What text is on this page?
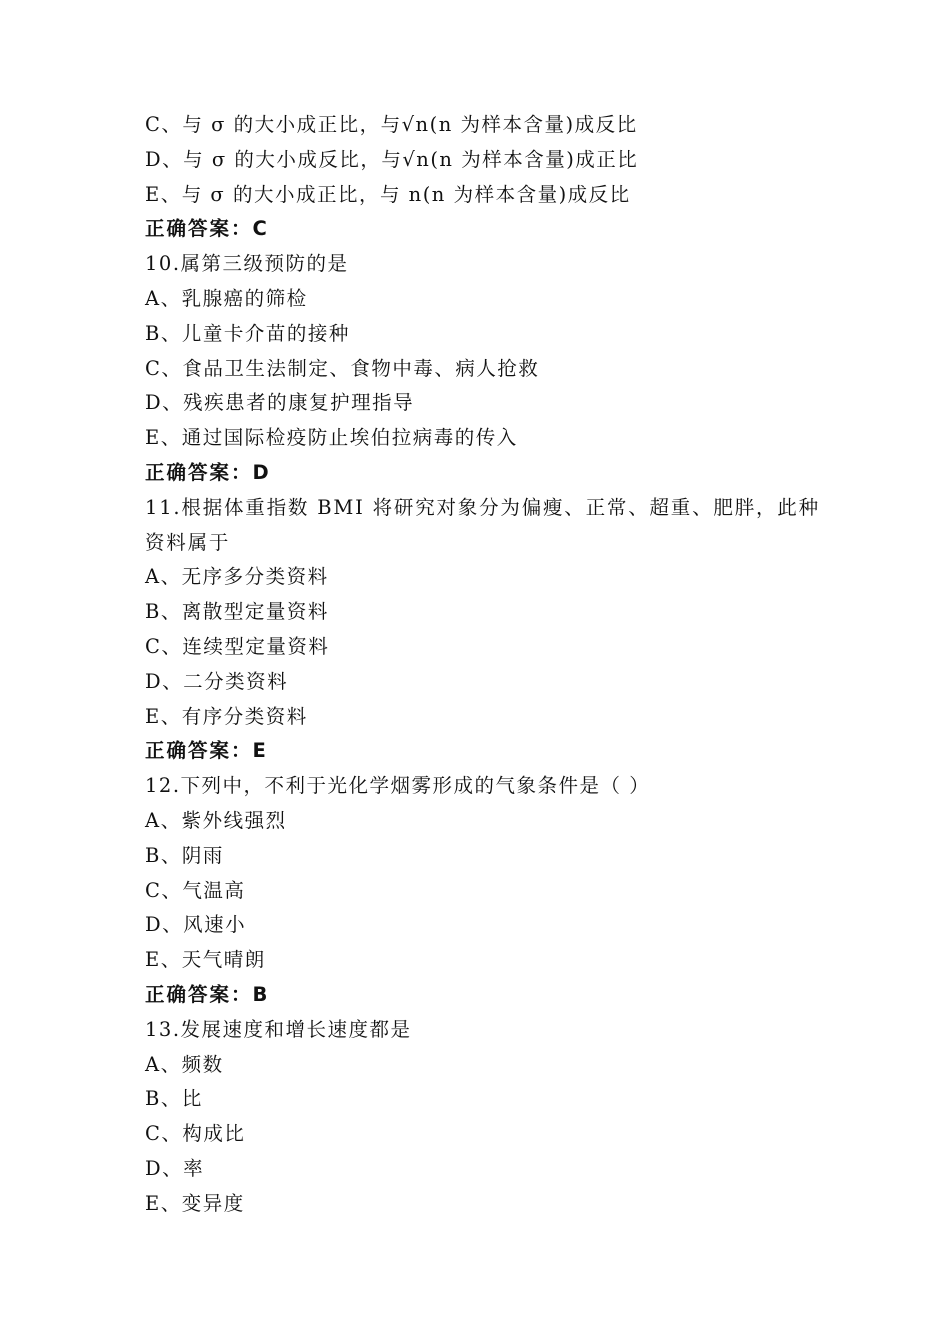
C、与 σ 的大小成正比，与√n(n 为样本含量)成反比
D、与 σ 的大小成反比，与√n(n 为样本含量)成正比
E、与 σ 的大小成正比，与 n(n 为样本含量)成反比
正确答案：C
10.属第三级预防的是
A、乳腺癌的筛检
B、儿童卡介苗的接种
C、食品卫生法制定、食物中毒、病人抢救
D、残疾患者的康复护理指导
E、通过国际检疫防止埃伯拉病毒的传入
正确答案：D
11.根据体重指数 BMI 将研究对象分为偏瘦、正常、超重、肥胖，此种资料属于
A、无序多分类资料
B、离散型定量资料
C、连续型定量资料
D、二分类资料
E、有序分类资料
正确答案：E
12.下列中，不利于光化学烟雾形成的气象条件是（ ）
A、紫外线强烈
B、阴雨
C、气温高
D、风速小
E、天气晴朗
正确答案：B
13.发展速度和增长速度都是
A、频数
B、比
C、构成比
D、率
E、变异度
